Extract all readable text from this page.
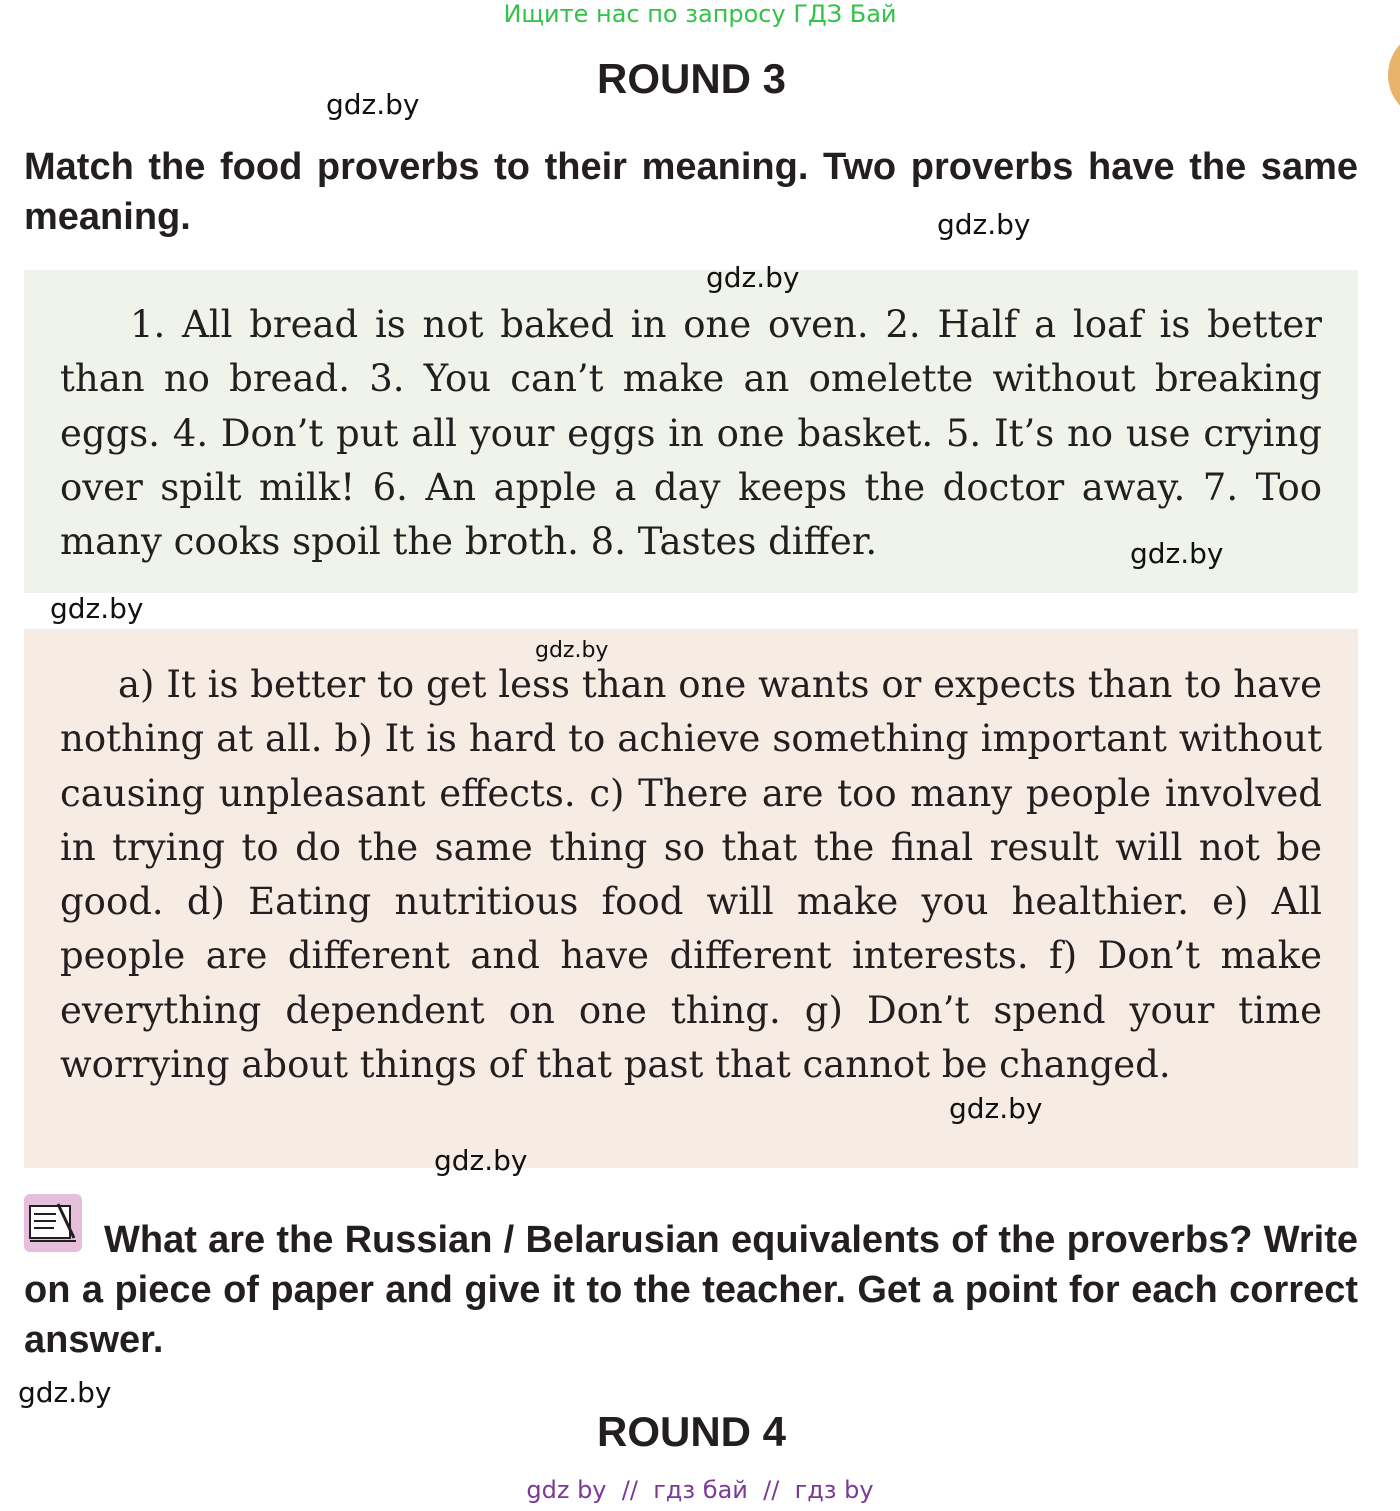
Ищите нас по запросу ГДЗ Бай
ROUND 3
gdz.by
Match the food proverbs to their meaning. Two proverbs have the same meaning.	gdz.by

1. All bread is not baked in one oven. 2. Half a loaf is better than no bread. 3. You can’t make an omelette without breaking eggs. 4. Don’t put all your eggs in one basket. 5. It’s no use crying over spilt milk! 6. An apple a day keeps the doctor away. 7. Too many cooks spoil the broth. 8. Tastes differ.

gdz.by
gdz.by
gdz.by

a) It is better to get less than one wants or expects than to have nothing at all. b) It is hard to achieve something important without causing unpleasant effects. c) There are too many people involved in trying to do the same thing so that the final result will not be good. d) Eating nutritious food will make you healthier. e) All people are different and have different interests. f) Don’t make everything dependent on one thing. g) Don’t spend your time worrying about things of that past that cannot be changed.

gdz.by
gdz.by
gdz.by
What are the Russian / Belarusian equivalents of the proverbs? Write on a piece of paper and give it to the teacher. Get a point for each correct answer.
gdz.by
ROUND 4
gdz by  //  гдз бай  //  гдз by
